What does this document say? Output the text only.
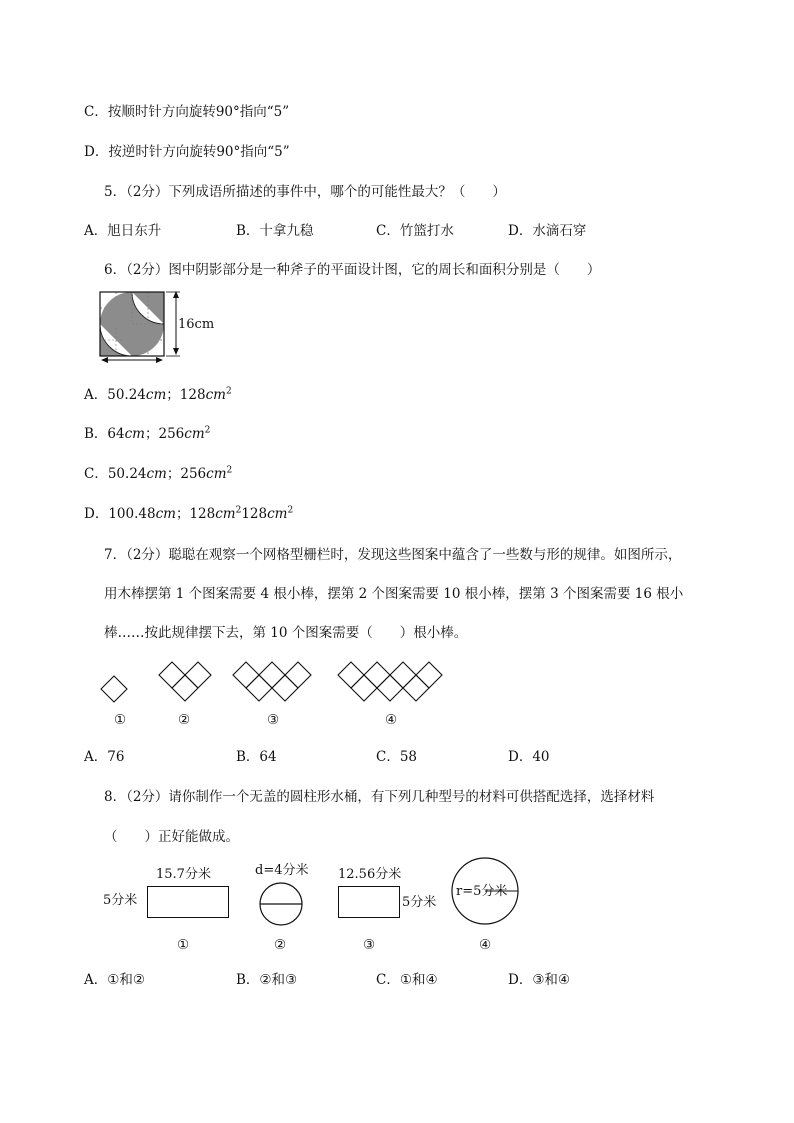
C．按顺时针方向旋转90°指向“5”
D．按逆时针方向旋转90°指向“5”
5．（2分）下列成语所描述的事件中，哪个的可能性最大？（　　）
A．旭日东升	B．十拿九稳	C．竹篮打水	D．水滴石穿
6．（2分）图中阴影部分是一种斧子的平面设计图，它的周长和面积分别是（　　）
16cm
A．50.24cm；$128cm^2$
B．64cm；$256cm^2$
C．50.24cm；$256cm^2$
D．100.48cm；$128cm^2128cm^2$
7．（2分）聪聪在观察一个网格型栅栏时，发现这些图案中蕴含了一些数与形的规律。如图所示，
用木棒摆第 1 个图案需要 4 根小棒，摆第 2 个图案需要 10 根小棒，摆第 3 个图案需要 16 根小
棒……按此规律摆下去，第 10 个图案需要（　　）根小棒。
①	②	③	④
A．76	B．64	C．58	D．40
8．（2分）请你制作一个无盖的圆柱形水桶，有下列几种型号的材料可供搭配选择，选择材料
（　　）正好能做成。
15.7分米
5分米
d=4分米 12.56分米
5分米
r=5分米
①	②	③	④
A．①和②	B．②和③	C．①和④	D．③和④
